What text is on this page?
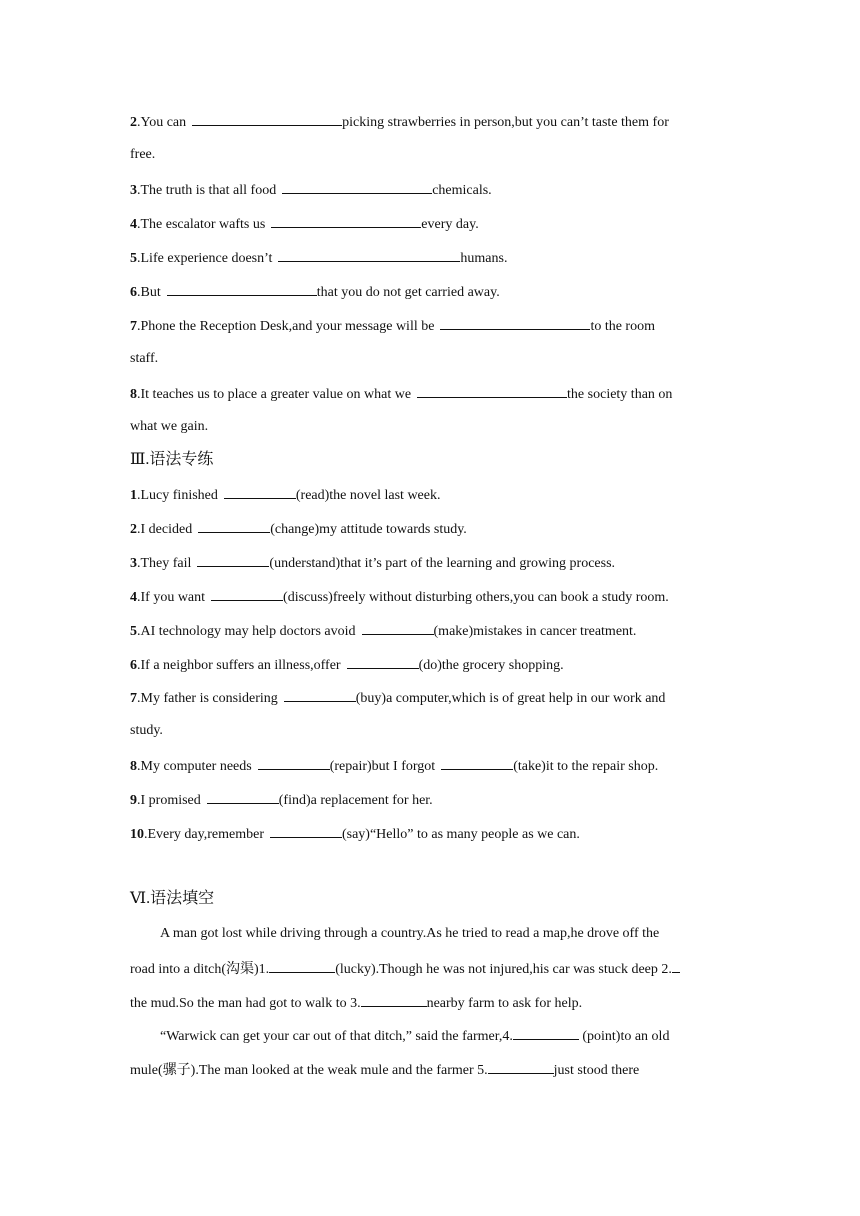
2.You can	picking strawberries in person,but you can’t taste them for
free.
3.The truth is that all food	chemicals.
4.The escalator wafts us	every day.
5.Life experience doesn’t	humans.
6.But	that you do not get carried away.
7.Phone the Reception Desk,and your message will be	to the room
staff.
8.It teaches us to place a greater value on what we	the society than on
what we gain.
Ⅲ.语法专练
1.Lucy finished	(read)the novel last week.
2.I decided	(change)my attitude towards study.
3.They fail	(understand)that it’s part of the learning and growing process.
4.If you want	(discuss)freely without disturbing others,you can book a study room.
5.AI technology may help doctors avoid	(make)mistakes in cancer treatment.
6.If a neighbor suffers an illness,offer	(do)the grocery shopping.
7.My father is considering	(buy)a computer,which is of great help in our work and
study.
8.My computer needs	(repair)but I forgot	(take)it to the repair shop.
9.I promised	(find)a replacement for her.
10.Every day,remember	(say)“Hello” to as many people as we can.
Ⅵ.语法填空
A man got lost while driving through a country.As he tried to read a map,he drove off the
road into a ditch(沟渠)1.	(lucky).Though he was not injured,his car was stuck deep 2.
the mud.So the man had got to walk to 3.	nearby farm to ask for help.
“Warwick can get your car out of that ditch,” said the farmer,4.	(point)to an old
mule(骡子).The man looked at the weak mule and the farmer 5.	just stood there
